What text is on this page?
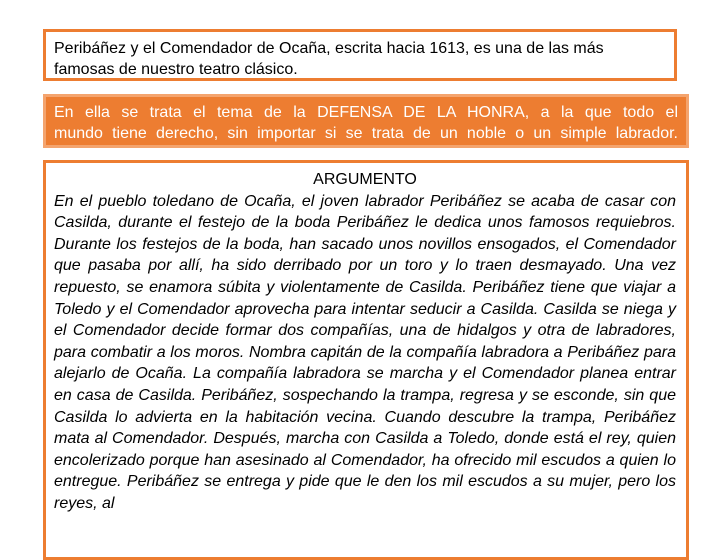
Peribáñez y el Comendador de Ocaña, escrita hacia 1613, es una de las más famosas de nuestro teatro clásico.
En ella se trata el tema de la DEFENSA DE LA HONRA, a la que todo el
mundo tiene derecho, sin importar si se trata de un noble o un simple labrador.
ARGUMENTO
En el pueblo toledano de Ocaña, el joven labrador Peribáñez se acaba de casar con Casilda, durante el festejo de la boda Peribáñez le dedica unos famosos requiebros. Durante los festejos de la boda, han sacado unos novillos ensogados, el Comendador que pasaba por allí, ha sido derribado por un toro y lo traen desmayado. Una vez repuesto, se enamora súbita y violentamente de Casilda. Peribáñez tiene que viajar a Toledo y el Comendador aprovecha para intentar seducir a Casilda. Casilda se niega y el Comendador decide formar dos compañías, una de hidalgos y otra de labradores, para combatir a los moros. Nombra capitán de la compañía labradora a Peribáñez para alejarlo de Ocaña. La compañía labradora se marcha y el Comendador planea entrar en casa de Casilda. Peribáñez, sospechando la trampa, regresa y se esconde, sin que Casilda lo advierta en la habitación vecina. Cuando descubre la trampa, Peribáñez mata al Comendador. Después, marcha con Casilda a Toledo, donde está el rey, quien encolerizado porque han asesinado al Comendador, ha ofrecido mil escudos a quien lo entregue. Peribáñez se entrega y pide que le den los mil escudos a su mujer, pero los reyes, al
